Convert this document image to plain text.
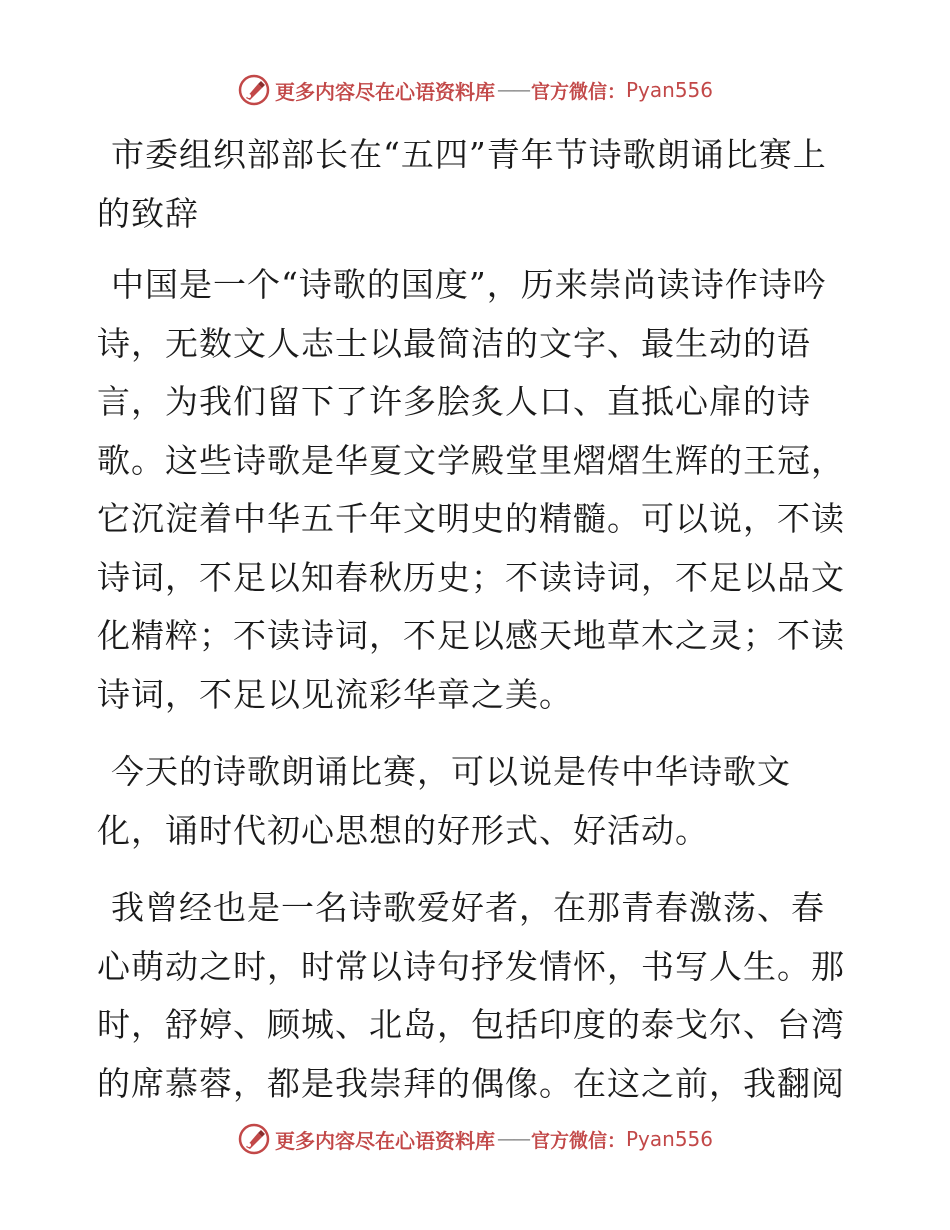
更多内容尽在心语资料库 —— 官方微信： Pyan556

市委组织部部长在“五四”青年节诗歌朗诵比赛上的致辞

中国是一个“诗歌的国度”，历来崇尚读诗作诗吟诗，无数文人志士以最简洁的文字、最生动的语言，为我们留下了许多脍炙人口、直抵心扉的诗歌。这些诗歌是华夏文学殿堂里熠熠生辉的王冠，它沉淀着中华五千年文明史的精髓。可以说，不读诗词，不足以知春秋历史；不读诗词，不足以品文化精粹；不读诗词，不足以感天地草木之灵；不读诗词，不足以见流彩华章之美。

今天的诗歌朗诵比赛，可以说是传中华诗歌文化，诵时代初心思想的好形式、好活动。

我曾经也是一名诗歌爱好者，在那青春激荡、春心萌动之时，时常以诗句抒发情怀，书写人生。那时，舒婷、顾城、北岛，包括印度的泰戈尔、台湾的席慕蓉，都是我崇拜的偶像。在这之前，我翻阅

更多内容尽在心语资料库 —— 官方微信： Pyan556
